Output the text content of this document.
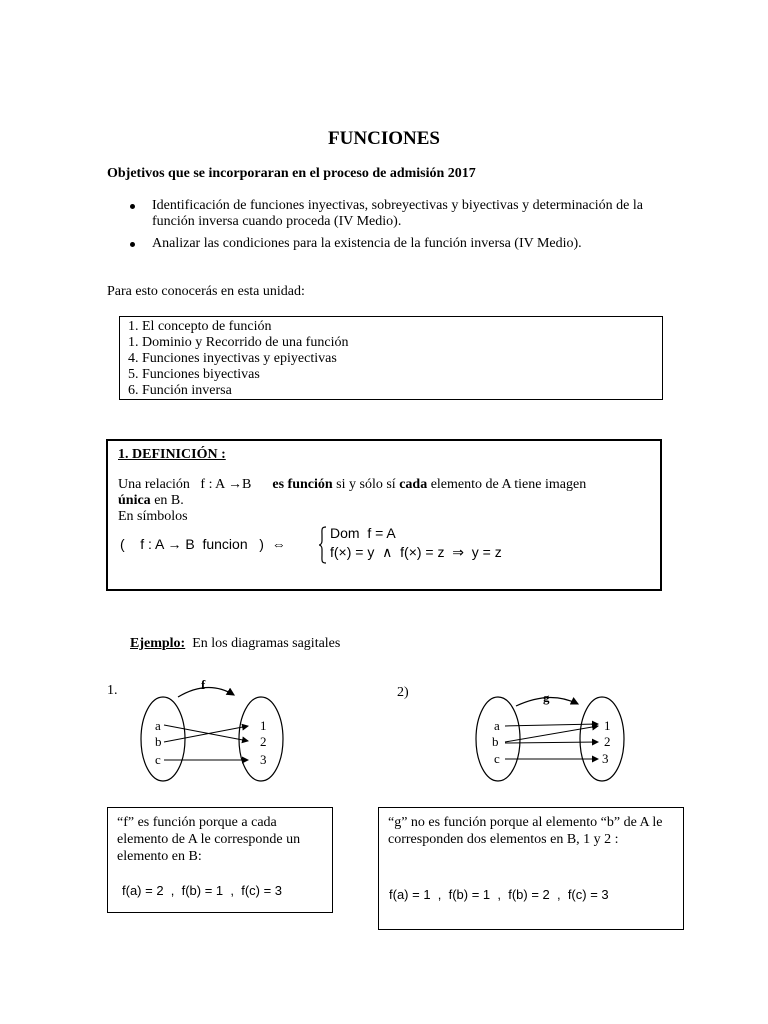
FUNCIONES
Objetivos que se incorporaran en el proceso de admisión 2017
Identificación de funciones inyectivas, sobreyectivas y biyectivas y determinación de la función inversa cuando proceda (IV Medio).
Analizar las condiciones para la existencia de la función inversa (IV Medio).
Para esto conocerás en esta unidad:
1. El concepto de función
1. Dominio y Recorrido de una función
4. Funciones inyectivas y epiyectivas
5. Funciones biyectivas
6. Función inversa
1. DEFINICIÓN :
Una relación   f : A →B      es función si y sólo sí cada elemento de A tiene imagen
única en B.
En símbolos
(    f : A → B  funcion   )  ⇔
Dom  f = A
f(×) = y  ∧  f(×) = z  ⇒  y = z
Ejemplo:  En los diagramas sagitales
1.	f
a
b
c
1
2
3
2)	g
a
b
c
1
2
3
“f” es función porque a cada elemento de A le corresponde un elemento en B:
f(a) = 2  ,  f(b) = 1  ,  f(c) = 3
“g” no es función porque al elemento “b” de A le corresponden dos elementos en B, 1 y 2 :
f(a) = 1  ,  f(b) = 1  ,  f(b) = 2  ,  f(c) = 3
